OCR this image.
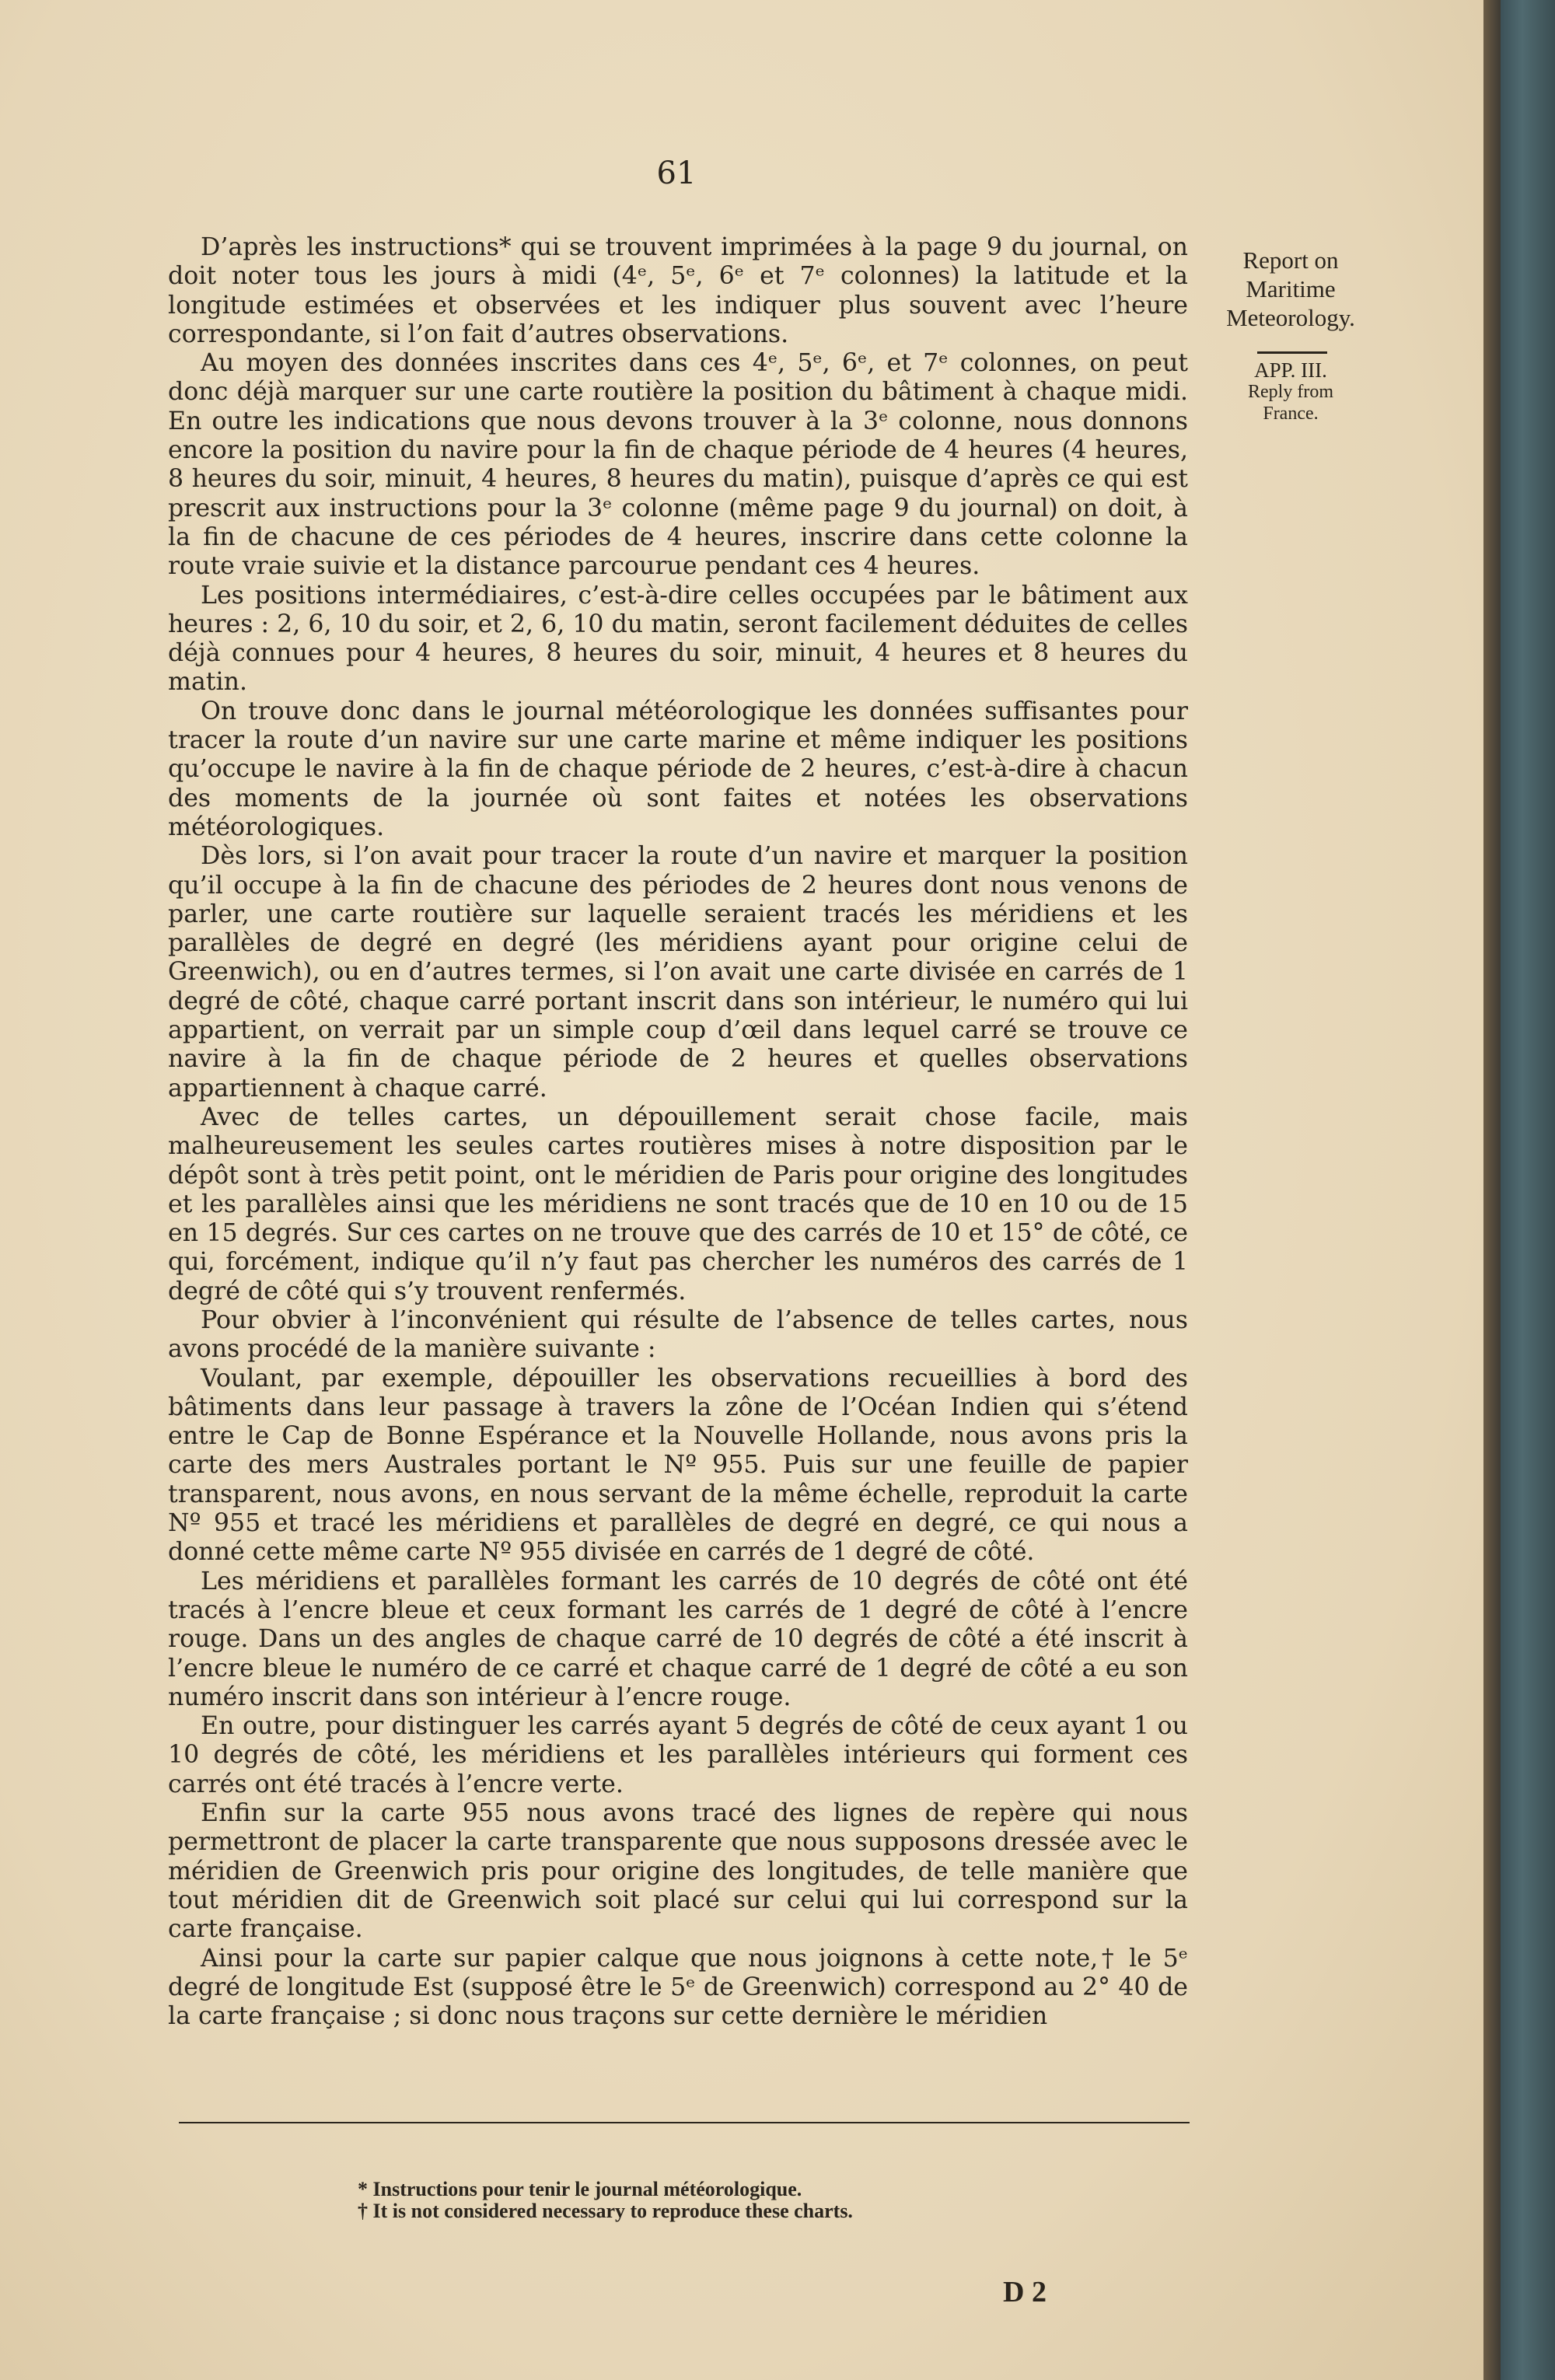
61
Report on
Maritime
Meteorology.
APP. III.
Reply from
France.

D’après les instructions* qui se trouvent imprimées à la page 9 du journal, on doit noter tous les jours à midi (4ᵉ, 5ᵉ, 6ᵉ et 7ᵉ colonnes) la latitude et la longitude estimées et observées et les indiquer plus souvent avec l’heure correspondante, si l’on fait d’autres observations.

Au moyen des données inscrites dans ces 4ᵉ, 5ᵉ, 6ᵉ, et 7ᵉ colonnes, on peut donc déjà marquer sur une carte routière la position du bâtiment à chaque midi. En outre les indications que nous devons trouver à la 3ᵉ colonne, nous donnons encore la position du navire pour la fin de chaque période de 4 heures (4 heures, 8 heures du soir, minuit, 4 heures, 8 heures du matin), puisque d’après ce qui est prescrit aux instructions pour la 3ᵉ colonne (même page 9 du journal) on doit, à la fin de chacune de ces périodes de 4 heures, inscrire dans cette colonne la route vraie suivie et la distance parcourue pendant ces 4 heures.

Les positions intermédiaires, c’est-à-dire celles occupées par le bâtiment aux heures : 2, 6, 10 du soir, et 2, 6, 10 du matin, seront facilement déduites de celles déjà connues pour 4 heures, 8 heures du soir, minuit, 4 heures et 8 heures du matin.

On trouve donc dans le journal météorologique les données suffisantes pour tracer la route d’un navire sur une carte marine et même indiquer les positions qu’occupe le navire à la fin de chaque période de 2 heures, c’est-à-dire à chacun des moments de la journée où sont faites et notées les observations météorologiques.

Dès lors, si l’on avait pour tracer la route d’un navire et marquer la position qu’il occupe à la fin de chacune des périodes de 2 heures dont nous venons de parler, une carte routière sur laquelle seraient tracés les méridiens et les parallèles de degré en degré (les méridiens ayant pour origine celui de Greenwich), ou en d’autres termes, si l’on avait une carte divisée en carrés de 1 degré de côté, chaque carré portant inscrit dans son intérieur, le numéro qui lui appartient, on verrait par un simple coup d’œil dans lequel carré se trouve ce navire à la fin de chaque période de 2 heures et quelles observations appartiennent à chaque carré.

Avec de telles cartes, un dépouillement serait chose facile, mais malheureusement les seules cartes routières mises à notre disposition par le dépôt sont à très petit point, ont le méridien de Paris pour origine des longitudes et les parallèles ainsi que les méridiens ne sont tracés que de 10 en 10 ou de 15 en 15 degrés. Sur ces cartes on ne trouve que des carrés de 10 et 15° de côté, ce qui, forcément, indique qu’il n’y faut pas chercher les numéros des carrés de 1 degré de côté qui s’y trouvent renfermés.

Pour obvier à l’inconvénient qui résulte de l’absence de telles cartes, nous avons procédé de la manière suivante :

Voulant, par exemple, dépouiller les observations recueillies à bord des bâtiments dans leur passage à travers la zône de l’Océan Indien qui s’étend entre le Cap de Bonne Espérance et la Nouvelle Hollande, nous avons pris la carte des mers Australes portant le Nº 955. Puis sur une feuille de papier transparent, nous avons, en nous servant de la même échelle, reproduit la carte Nº 955 et tracé les méridiens et parallèles de degré en degré, ce qui nous a donné cette même carte Nº 955 divisée en carrés de 1 degré de côté.

Les méridiens et parallèles formant les carrés de 10 degrés de côté ont été tracés à l’encre bleue et ceux formant les carrés de 1 degré de côté à l’encre rouge. Dans un des angles de chaque carré de 10 degrés de côté a été inscrit à l’encre bleue le numéro de ce carré et chaque carré de 1 degré de côté a eu son numéro inscrit dans son intérieur à l’encre rouge.

En outre, pour distinguer les carrés ayant 5 degrés de côté de ceux ayant 1 ou 10 degrés de côté, les méridiens et les parallèles intérieurs qui forment ces carrés ont été tracés à l’encre verte.

Enfin sur la carte 955 nous avons tracé des lignes de repère qui nous permettront de placer la carte transparente que nous supposons dressée avec le méridien de Greenwich pris pour origine des longitudes, de telle manière que tout méridien dit de Greenwich soit placé sur celui qui lui correspond sur la carte française.

Ainsi pour la carte sur papier calque que nous joignons à cette note,† le 5ᵉ degré de longitude Est (supposé être le 5ᵉ de Greenwich) correspond au 2° 40 de la carte française ; si donc nous traçons sur cette dernière le méridien

* Instructions pour tenir le journal météorologique.
† It is not considered necessary to reproduce these charts.
D 2
